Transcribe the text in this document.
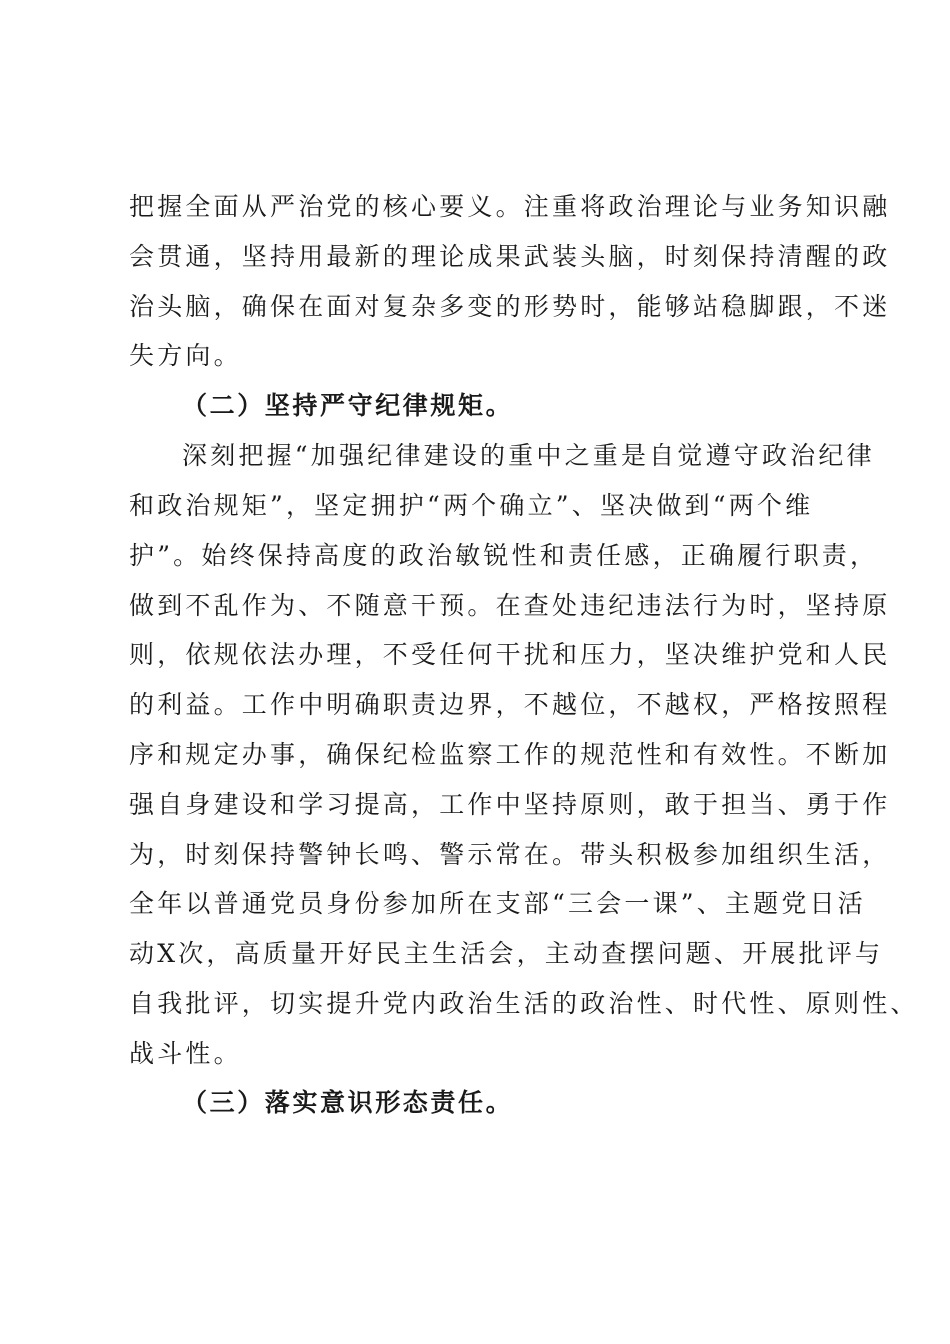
把握全面从严治党的核心要义。注重将政治理论与业务知识融
会贯通，坚持用最新的理论成果武装头脑，时刻保持清醒的政
治头脑，确保在面对复杂多变的形势时，能够站稳脚跟，不迷
失方向。
（二）坚持严守纪律规矩。
深刻把握“加强纪律建设的重中之重是自觉遵守政治纪律
和政治规矩”，坚定拥护“两个确立”、坚决做到“两个维
护”。始终保持高度的政治敏锐性和责任感，正确履行职责，
做到不乱作为、不随意干预。在查处违纪违法行为时，坚持原
则，依规依法办理，不受任何干扰和压力，坚决维护党和人民
的利益。工作中明确职责边界，不越位，不越权，严格按照程
序和规定办事，确保纪检监察工作的规范性和有效性。不断加
强自身建设和学习提高，工作中坚持原则，敢于担当、勇于作
为，时刻保持警钟长鸣、警示常在。带头积极参加组织生活，
全年以普通党员身份参加所在支部“三会一课”、主题党日活
动X次，高质量开好民主生活会，主动查摆问题、开展批评与
自我批评，切实提升党内政治生活的政治性、时代性、原则性、
战斗性。
（三）落实意识形态责任。
